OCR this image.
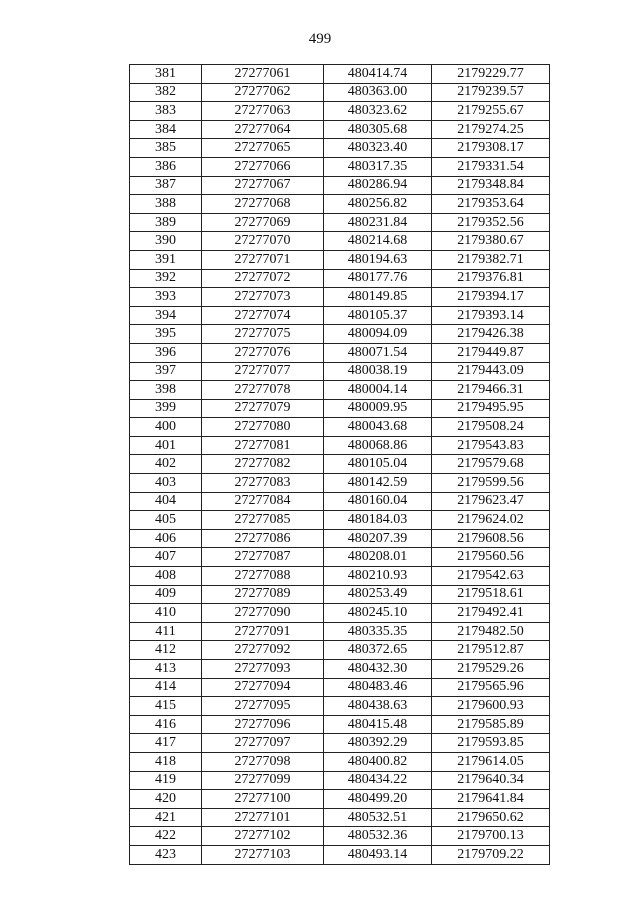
499
381	27277061	480414.74	2179229.77
382	27277062	480363.00	2179239.57
383	27277063	480323.62	2179255.67
384	27277064	480305.68	2179274.25
385	27277065	480323.40	2179308.17
386	27277066	480317.35	2179331.54
387	27277067	480286.94	2179348.84
388	27277068	480256.82	2179353.64
389	27277069	480231.84	2179352.56
390	27277070	480214.68	2179380.67
391	27277071	480194.63	2179382.71
392	27277072	480177.76	2179376.81
393	27277073	480149.85	2179394.17
394	27277074	480105.37	2179393.14
395	27277075	480094.09	2179426.38
396	27277076	480071.54	2179449.87
397	27277077	480038.19	2179443.09
398	27277078	480004.14	2179466.31
399	27277079	480009.95	2179495.95
400	27277080	480043.68	2179508.24
401	27277081	480068.86	2179543.83
402	27277082	480105.04	2179579.68
403	27277083	480142.59	2179599.56
404	27277084	480160.04	2179623.47
405	27277085	480184.03	2179624.02
406	27277086	480207.39	2179608.56
407	27277087	480208.01	2179560.56
408	27277088	480210.93	2179542.63
409	27277089	480253.49	2179518.61
410	27277090	480245.10	2179492.41
411	27277091	480335.35	2179482.50
412	27277092	480372.65	2179512.87
413	27277093	480432.30	2179529.26
414	27277094	480483.46	2179565.96
415	27277095	480438.63	2179600.93
416	27277096	480415.48	2179585.89
417	27277097	480392.29	2179593.85
418	27277098	480400.82	2179614.05
419	27277099	480434.22	2179640.34
420	27277100	480499.20	2179641.84
421	27277101	480532.51	2179650.62
422	27277102	480532.36	2179700.13
423	27277103	480493.14	2179709.22
